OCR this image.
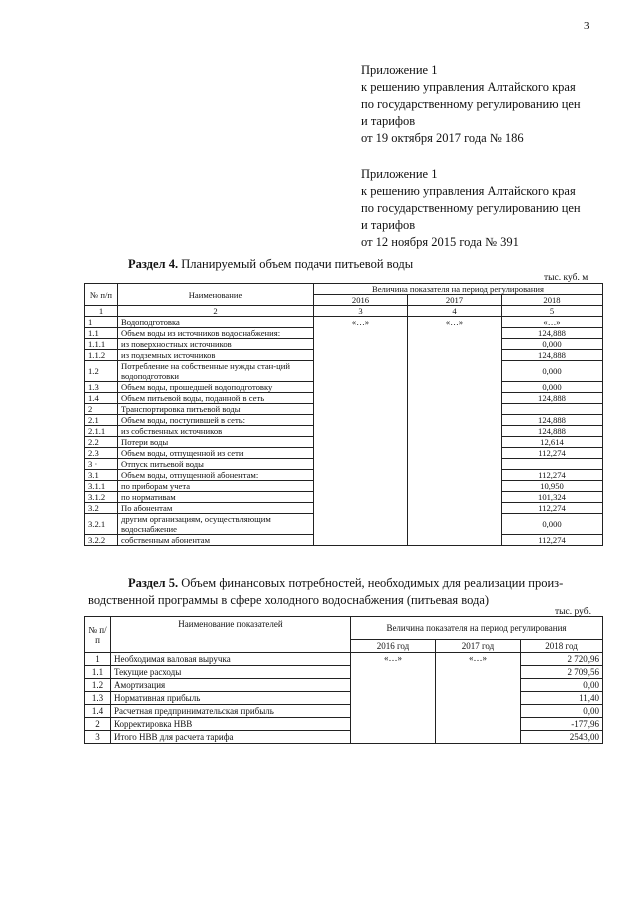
3
Приложение 1
к решению управления Алтайского края
по государственному регулированию цен
и тарифов
от 19 октября 2017 года № 186
Приложение 1
к решению управления Алтайского края
по государственному регулированию цен
и тарифов
от 12 ноября 2015 года № 391
Раздел 4. Планируемый объем подачи питьевой воды
тыс. куб. м
№ п/п	Наименование	Величина показателя на период регулирования		
		2016	2017	2018
1	2	3	4	5
1	Водоподготовка	«…»	«…»	«…»
1.1	Объем воды из источников водоснабжения:			124,888
1.1.1	из поверхностных источников			0,000
1.1.2	из подземных источников			124,888
1.2	Потребление на собственные нужды стан-ций водоподготовки			0,000
1.3	Объем воды, прошедшей водоподготовку			0,000
1.4	Объем питьевой воды, поданной в сеть			124,888
2	Транспортировка питьевой воды			
2.1	Объем воды, поступившей в сеть:			124,888
2.1.1	из собственных источников			124,888
2.2	Потери воды			12,614
2.3	Объем воды, отпущенной из сети			112,274
3 ·	Отпуск питьевой воды			
3.1	Объем воды, отпущенной абонентам:			112,274
3.1.1	по приборам учета			10,950
3.1.2	по нормативам			101,324
3.2	По абонентам			112,274
3.2.1	другим организациям, осуществляющим водоснабжение			0,000
3.2.2	собственным абонентам			112,274
Раздел 5. Объем финансовых потребностей, необходимых для реализации произ-
водственной программы в сфере холодного водоснабжения (питьевая вода)
тыс. руб.
№ п/п	Наименование показателей	Величина показателя на период регулирования		
		2016 год	2017 год	2018 год
1	Необходимая валовая выручка	«…»	«…»	2 720,96
1.1	Текущие расходы			2 709,56
1.2	Амортизация			0,00
1.3	Нормативная прибыль			11,40
1.4	Расчетная предпринимательская прибыль			0,00
2	Корректировка НВВ			-177,96
3	Итого НВВ для расчета тарифа			2543,00
